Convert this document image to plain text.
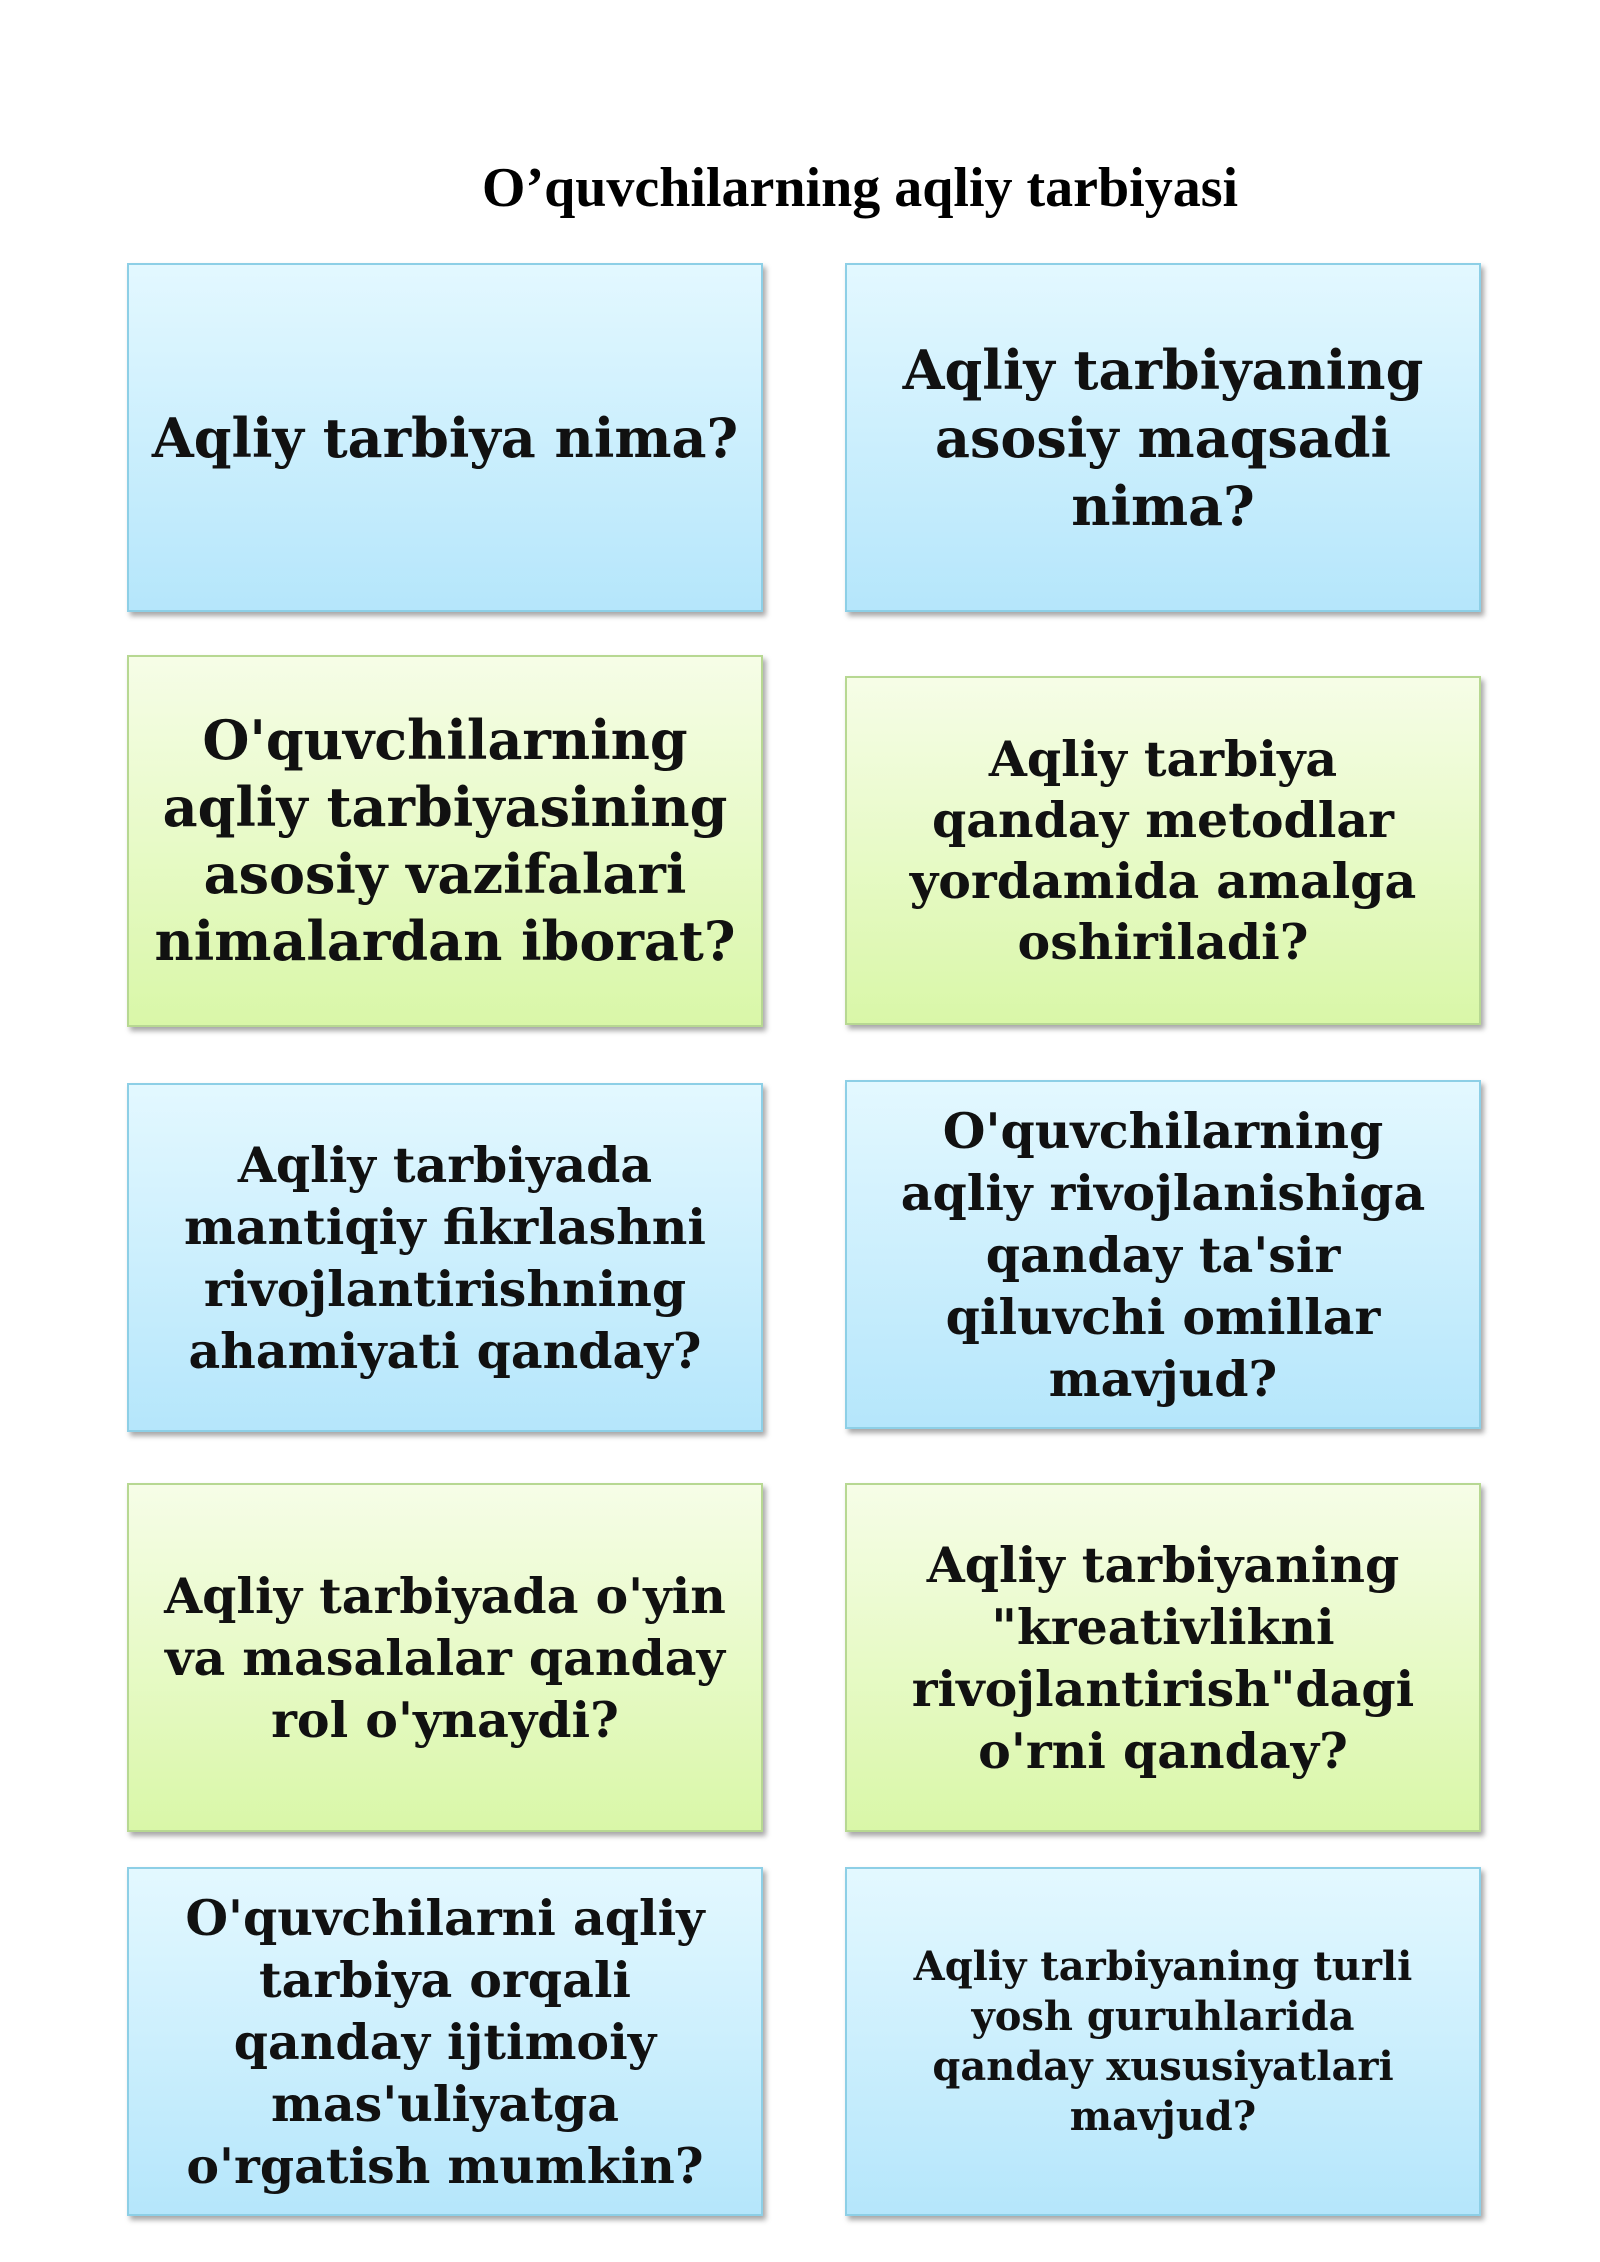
O’quvchilarning aqliy tarbiyasi
Aqliy tarbiya nima?
Aqliy tarbiyaning asosiy maqsadi nima?
O'quvchilarning aqliy tarbiyasining asosiy vazifalari nimalardan iborat?
Aqliy tarbiya qanday metodlar yordamida amalga oshiriladi?
Aqliy tarbiyada mantiqiy fikrlashni rivojlantirishning ahamiyati qanday?
O'quvchilarning aqliy rivojlanishiga qanday ta'sir qiluvchi omillar mavjud?
Aqliy tarbiyada o'yin va masalalar qanday rol o'ynaydi?
Aqliy tarbiyaning "kreativlikni rivojlantirish"dagi o'rni qanday?
O'quvchilarni aqliy tarbiya orqali qanday ijtimoiy mas'uliyatga o'rgatish mumkin?
Aqliy tarbiyaning turli yosh guruhlarida qanday xususiyatlari mavjud?
